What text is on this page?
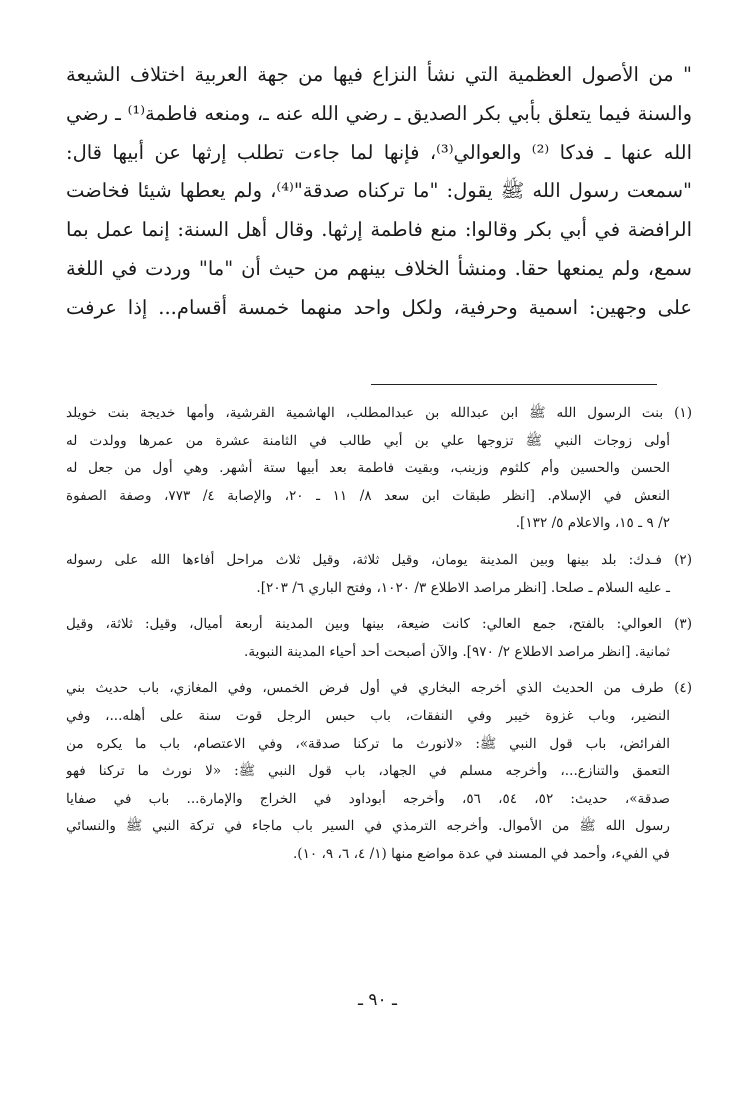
" من الأصول العظمية التي نشأ النزاع فيها من جهة العربية اختلاف الشيعة
والسنة فيما يتعلق بأبي بكر الصديق ـ رضي الله عنه ـ، ومنعه فاطمة⁽¹⁾ ـ رضي
الله عنها ـ فدكا ⁽²⁾ والعوالي⁽³⁾، فإنها لما جاءت تطلب إرثها عن أبيها قال:
"سمعت رسول الله ﷺ يقول: "ما تركناه صدقة"⁽⁴⁾، ولم يعطها شيئا فخاضت
الرافضة في أبي بكر وقالوا: منع فاطمة إرثها. وقال أهل السنة: إنما عمل بما
سمع، ولم يمنعها حقا. ومنشأ الخلاف بينهم من حيث أن "ما" وردت في اللغة
على وجهين: اسمية وحرفية، ولكل واحد منهما خمسة أقسام... إذا عرفت
(١) بنت الرسول الله ﷺ ابن عبدالله بن عبدالمطلب، الهاشمية القرشية، وأمها خديجة بنت خويلد
أولى زوجات النبي ﷺ تزوجها علي بن أبي طالب في الثامنة عشرة من عمرها وولدت له
الحسن والحسين وأم كلثوم وزينب، وبقيت فاطمة بعد أبيها ستة أشهر. وهي أول من جعل له
النعش في الإسلام. [انظر طبقات ابن سعد ٨/ ١١ ـ ٢٠، والإصابة ٤/ ٧٧٣، وصفة الصفوة
٢/ ٩ ـ ١٥، والاعلام ٥/ ١٣٢].
(٢) فـدك: بلد بينها وبين المدينة يومان، وقيل ثلاثة، وقيل ثلاث مراحل أفاءها الله على رسوله
ـ عليه السلام ـ صلحا. [انظر مراصد الاطلاع ٣/ ١٠٢٠، وفتح الباري ٦/ ٢٠٣].
(٣) العوالي: بالفتح، جمع العالي: كانت ضيعة، بينها وبين المدينة أربعة أميال، وقيل: ثلاثة، وقيل
ثمانية. [انظر مراصد الاطلاع ٢/ ٩٧٠]. والآن أصبحت أحد أحياء المدينة النبوية.
(٤) طرف من الحديث الذي أخرجه البخاري في أول فرض الخمس، وفي المغازي، باب حديث بني
النضير، وباب غزوة خيبر وفي النفقات، باب حبس الرجل قوت سنة على أهله...، وفي
الفرائض، باب قول النبي ﷺ: «لانورث ما تركنا صدقة»، وفي الاعتصام، باب ما يكره من
التعمق والتنازع...، وأخرجه مسلم في الجهاد، باب قول النبي ﷺ: «لا نورث ما تركنا فهو
صدقة»، حديث: ٥٢، ٥٤، ٥٦، وأخرجه أبوداود في الخراج والإمارة... باب في صفايا
رسول الله ﷺ من الأموال. وأخرجه الترمذي في السير باب ماجاء في تركة النبي ﷺ والنسائي
في الفيء، وأحمد في المسند في عدة مواضع منها (١/ ٤، ٦، ٩، ١٠).
ـ ٩٠ ـ
